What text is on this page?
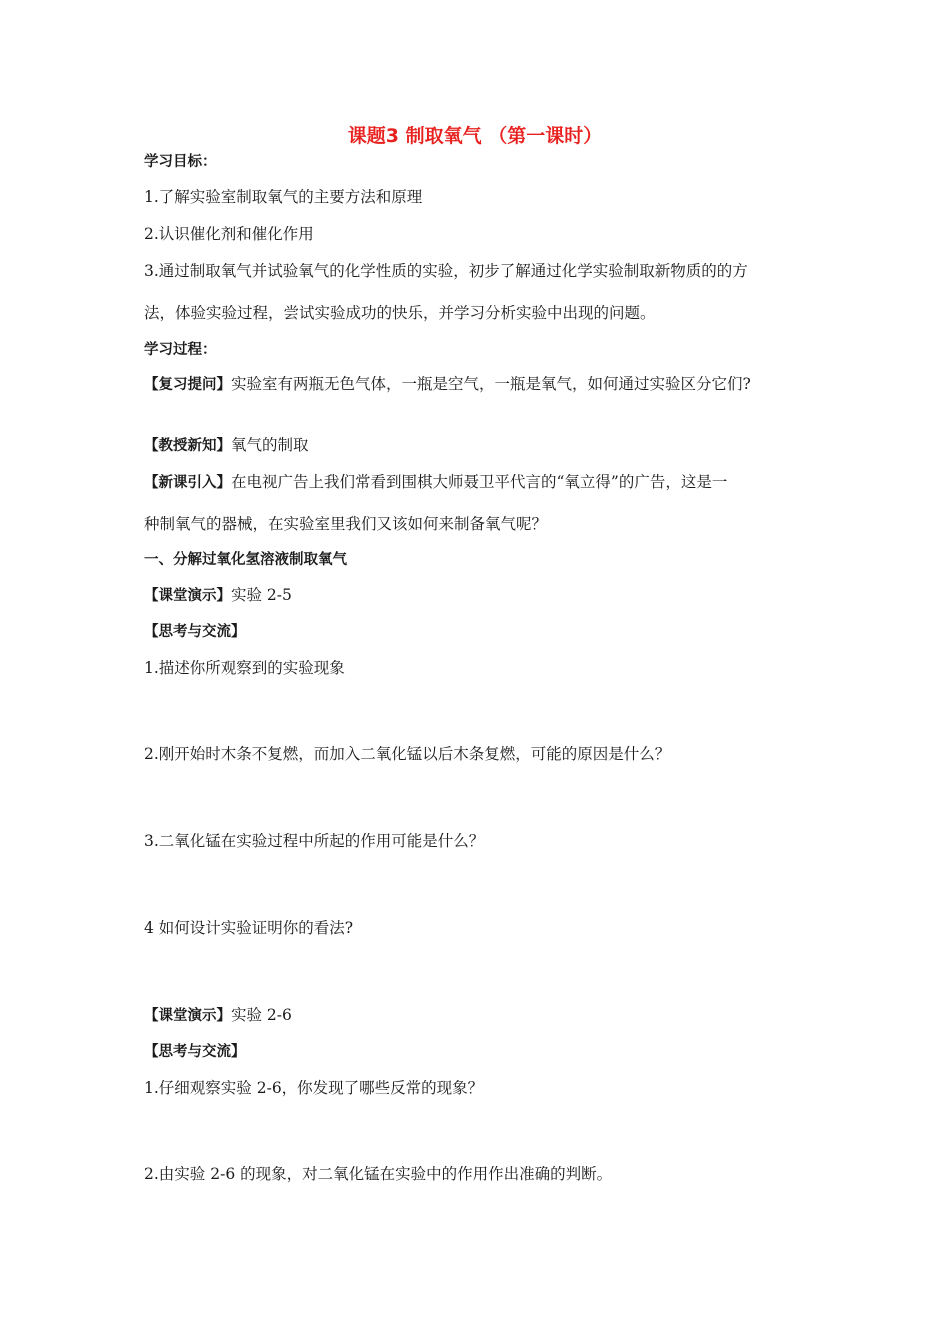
课题3 制取氧气 （第一课时）
学习目标：
1.了解实验室制取氧气的主要方法和原理
2.认识催化剂和催化作用
3.通过制取氧气并试验氧气的化学性质的实验，初步了解通过化学实验制取新物质的的方
法，体验实验过程，尝试实验成功的快乐，并学习分析实验中出现的问题。
学习过程：
【复习提问】实验室有两瓶无色气体，一瓶是空气，一瓶是氧气，如何通过实验区分它们?
【教授新知】氧气的制取
【新课引入】在电视广告上我们常看到围棋大师聂卫平代言的“氧立得”的广告，这是一
种制氧气的器械，在实验室里我们又该如何来制备氧气呢？
一、分解过氧化氢溶液制取氧气
【课堂演示】实验 2-5
【思考与交流】
1.描述你所观察到的实验现象
2.刚开始时木条不复燃，而加入二氧化锰以后木条复燃，可能的原因是什么？
3.二氧化锰在实验过程中所起的作用可能是什么？
4 如何设计实验证明你的看法?
【课堂演示】实验 2-6
【思考与交流】
1.仔细观察实验 2-6，你发现了哪些反常的现象？
2.由实验 2-6 的现象，对二氧化锰在实验中的作用作出准确的判断。
